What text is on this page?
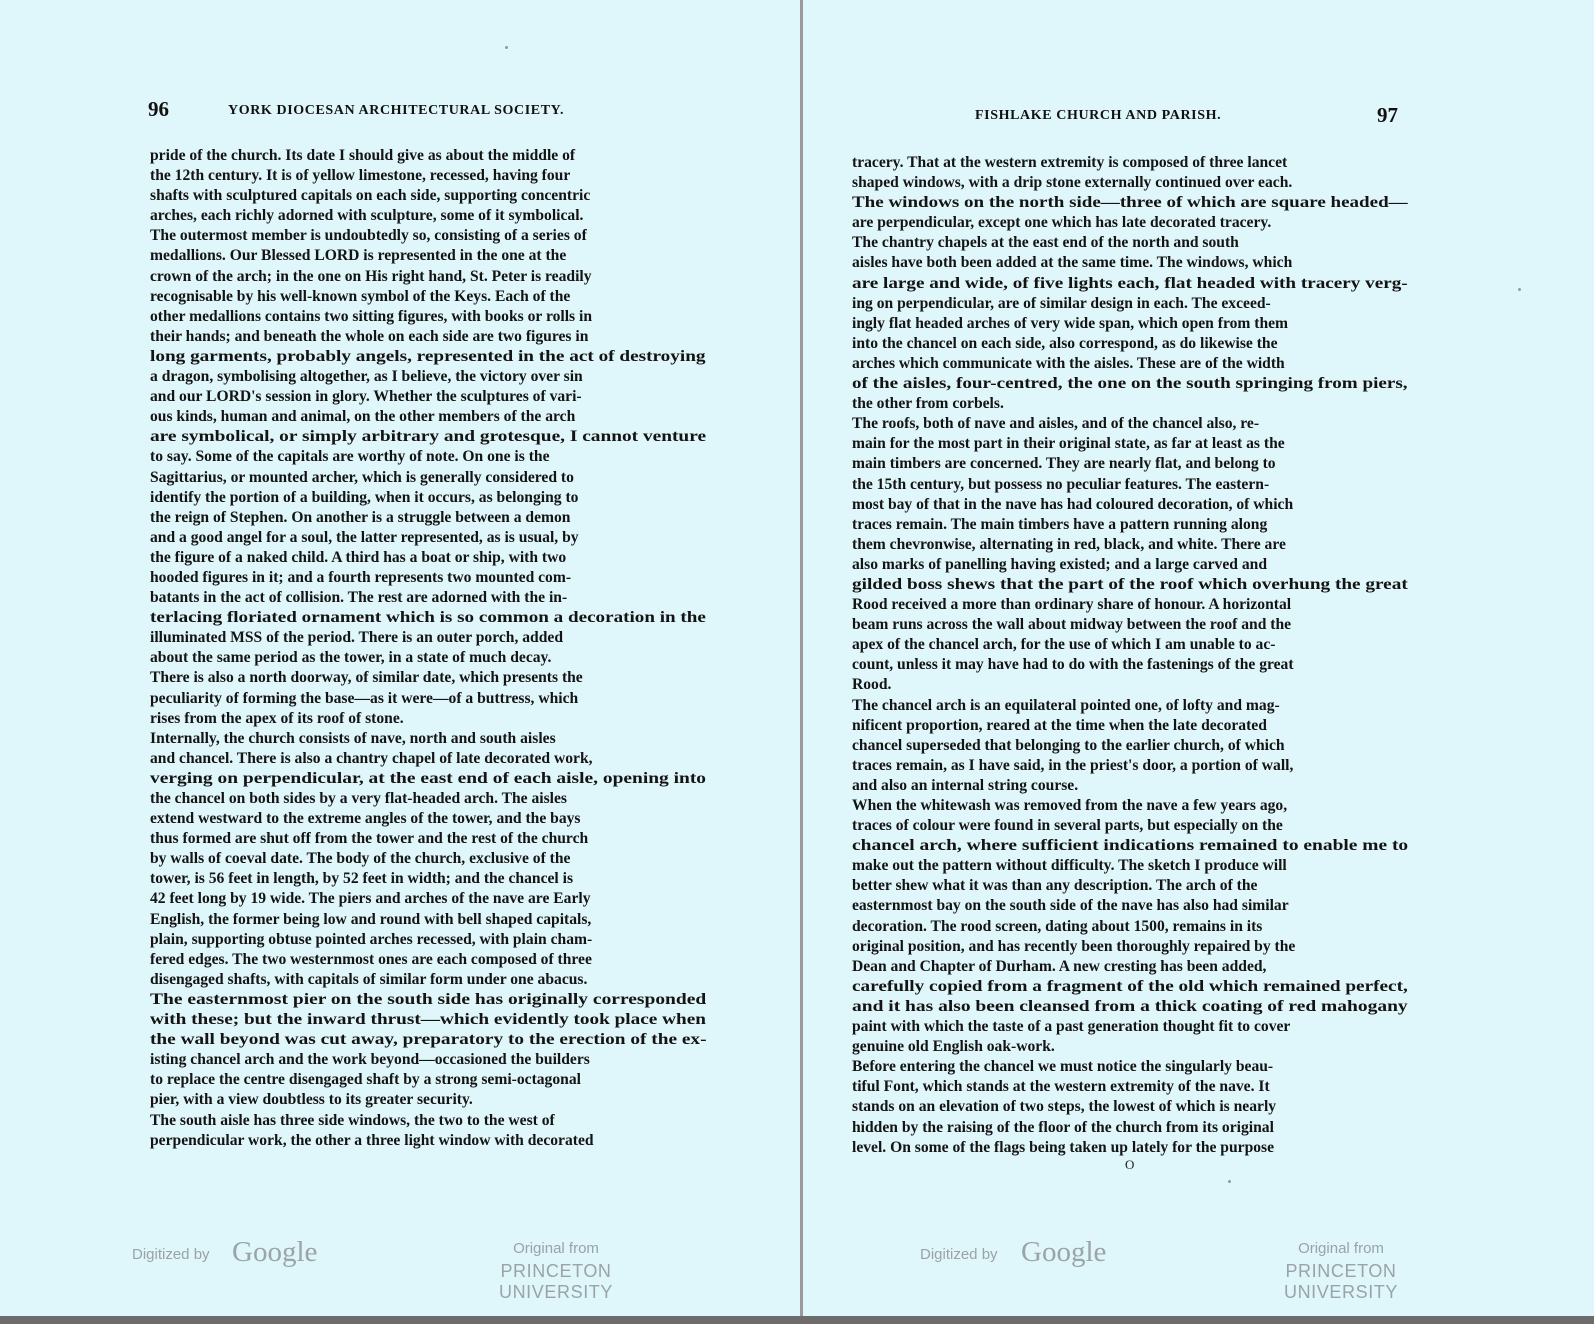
96	YORK DIOCESAN ARCHITECTURAL SOCIETY.
pride of the church. Its date I should give as about the middle of
the 12th century. It is of yellow limestone, recessed, having four
shafts with sculptured capitals on each side, supporting concentric
arches, each richly adorned with sculpture, some of it symbolical.
The outermost member is undoubtedly so, consisting of a series of
medallions. Our Blessed LORD is represented in the one at the
crown of the arch; in the one on His right hand, St. Peter is readily
recognisable by his well-known symbol of the Keys. Each of the
other medallions contains two sitting figures, with books or rolls in
their hands; and beneath the whole on each side are two figures in
long garments, probably angels, represented in the act of destroying
a dragon, symbolising altogether, as I believe, the victory over sin
and our LORD's session in glory. Whether the sculptures of vari-
ous kinds, human and animal, on the other members of the arch
are symbolical, or simply arbitrary and grotesque, I cannot venture
to say. Some of the capitals are worthy of note. On one is the
Sagittarius, or mounted archer, which is generally considered to
identify the portion of a building, when it occurs, as belonging to
the reign of Stephen. On another is a struggle between a demon
and a good angel for a soul, the latter represented, as is usual, by
the figure of a naked child. A third has a boat or ship, with two
hooded figures in it; and a fourth represents two mounted com-
batants in the act of collision. The rest are adorned with the in-
terlacing floriated ornament which is so common a decoration in the
illuminated MSS of the period. There is an outer porch, added
about the same period as the tower, in a state of much decay.
There is also a north doorway, of similar date, which presents the
peculiarity of forming the base—as it were—of a buttress, which
rises from the apex of its roof of stone.
Internally, the church consists of nave, north and south aisles
and chancel. There is also a chantry chapel of late decorated work,
verging on perpendicular, at the east end of each aisle, opening into
the chancel on both sides by a very flat-headed arch. The aisles
extend westward to the extreme angles of the tower, and the bays
thus formed are shut off from the tower and the rest of the church
by walls of coeval date. The body of the church, exclusive of the
tower, is 56 feet in length, by 52 feet in width; and the chancel is
42 feet long by 19 wide. The piers and arches of the nave are Early
English, the former being low and round with bell shaped capitals,
plain, supporting obtuse pointed arches recessed, with plain cham-
fered edges. The two westernmost ones are each composed of three
disengaged shafts, with capitals of similar form under one abacus.
The easternmost pier on the south side has originally corresponded
with these; but the inward thrust—which evidently took place when
the wall beyond was cut away, preparatory to the erection of the ex-
isting chancel arch and the work beyond—occasioned the builders
to replace the centre disengaged shaft by a strong semi-octagonal
pier, with a view doubtless to its greater security.
The south aisle has three side windows, the two to the west of
perpendicular work, the other a three light window with decorated
Digitized by Google	Original from
PRINCETON UNIVERSITY
FISHLAKE CHURCH AND PARISH.	97
Digitized by Google	Original from
PRINCETON UNIVERSITY
tracery. That at the western extremity is composed of three lancet
shaped windows, with a drip stone externally continued over each.
The windows on the north side—three of which are square headed—
are perpendicular, except one which has late decorated tracery.
The chantry chapels at the east end of the north and south
aisles have both been added at the same time. The windows, which
are large and wide, of five lights each, flat headed with tracery verg-
ing on perpendicular, are of similar design in each. The exceed-
ingly flat headed arches of very wide span, which open from them
into the chancel on each side, also correspond, as do likewise the
arches which communicate with the aisles. These are of the width
of the aisles, four-centred, the one on the south springing from piers,
the other from corbels.
The roofs, both of nave and aisles, and of the chancel also, re-
main for the most part in their original state, as far at least as the
main timbers are concerned. They are nearly flat, and belong to
the 15th century, but possess no peculiar features. The eastern-
most bay of that in the nave has had coloured decoration, of which
traces remain. The main timbers have a pattern running along
them chevronwise, alternating in red, black, and white. There are
also marks of panelling having existed; and a large carved and
gilded boss shews that the part of the roof which overhung the great
Rood received a more than ordinary share of honour. A horizontal
beam runs across the wall about midway between the roof and the
apex of the chancel arch, for the use of which I am unable to ac-
count, unless it may have had to do with the fastenings of the great
Rood.
The chancel arch is an equilateral pointed one, of lofty and mag-
nificent proportion, reared at the time when the late decorated
chancel superseded that belonging to the earlier church, of which
traces remain, as I have said, in the priest's door, a portion of wall,
and also an internal string course.
When the whitewash was removed from the nave a few years ago,
traces of colour were found in several parts, but especially on the
chancel arch, where sufficient indications remained to enable me to
make out the pattern without difficulty. The sketch I produce will
better shew what it was than any description. The arch of the
easternmost bay on the south side of the nave has also had similar
decoration. The rood screen, dating about 1500, remains in its
original position, and has recently been thoroughly repaired by the
Dean and Chapter of Durham. A new cresting has been added,
carefully copied from a fragment of the old which remained perfect,
and it has also been cleansed from a thick coating of red mahogany
paint with which the taste of a past generation thought fit to cover
genuine old English oak-work.
Before entering the chancel we must notice the singularly beau-
tiful Font, which stands at the western extremity of the nave. It
stands on an elevation of two steps, the lowest of which is nearly
hidden by the raising of the floor of the church from its original
level. On some of the flags being taken up lately for the purpose
O
